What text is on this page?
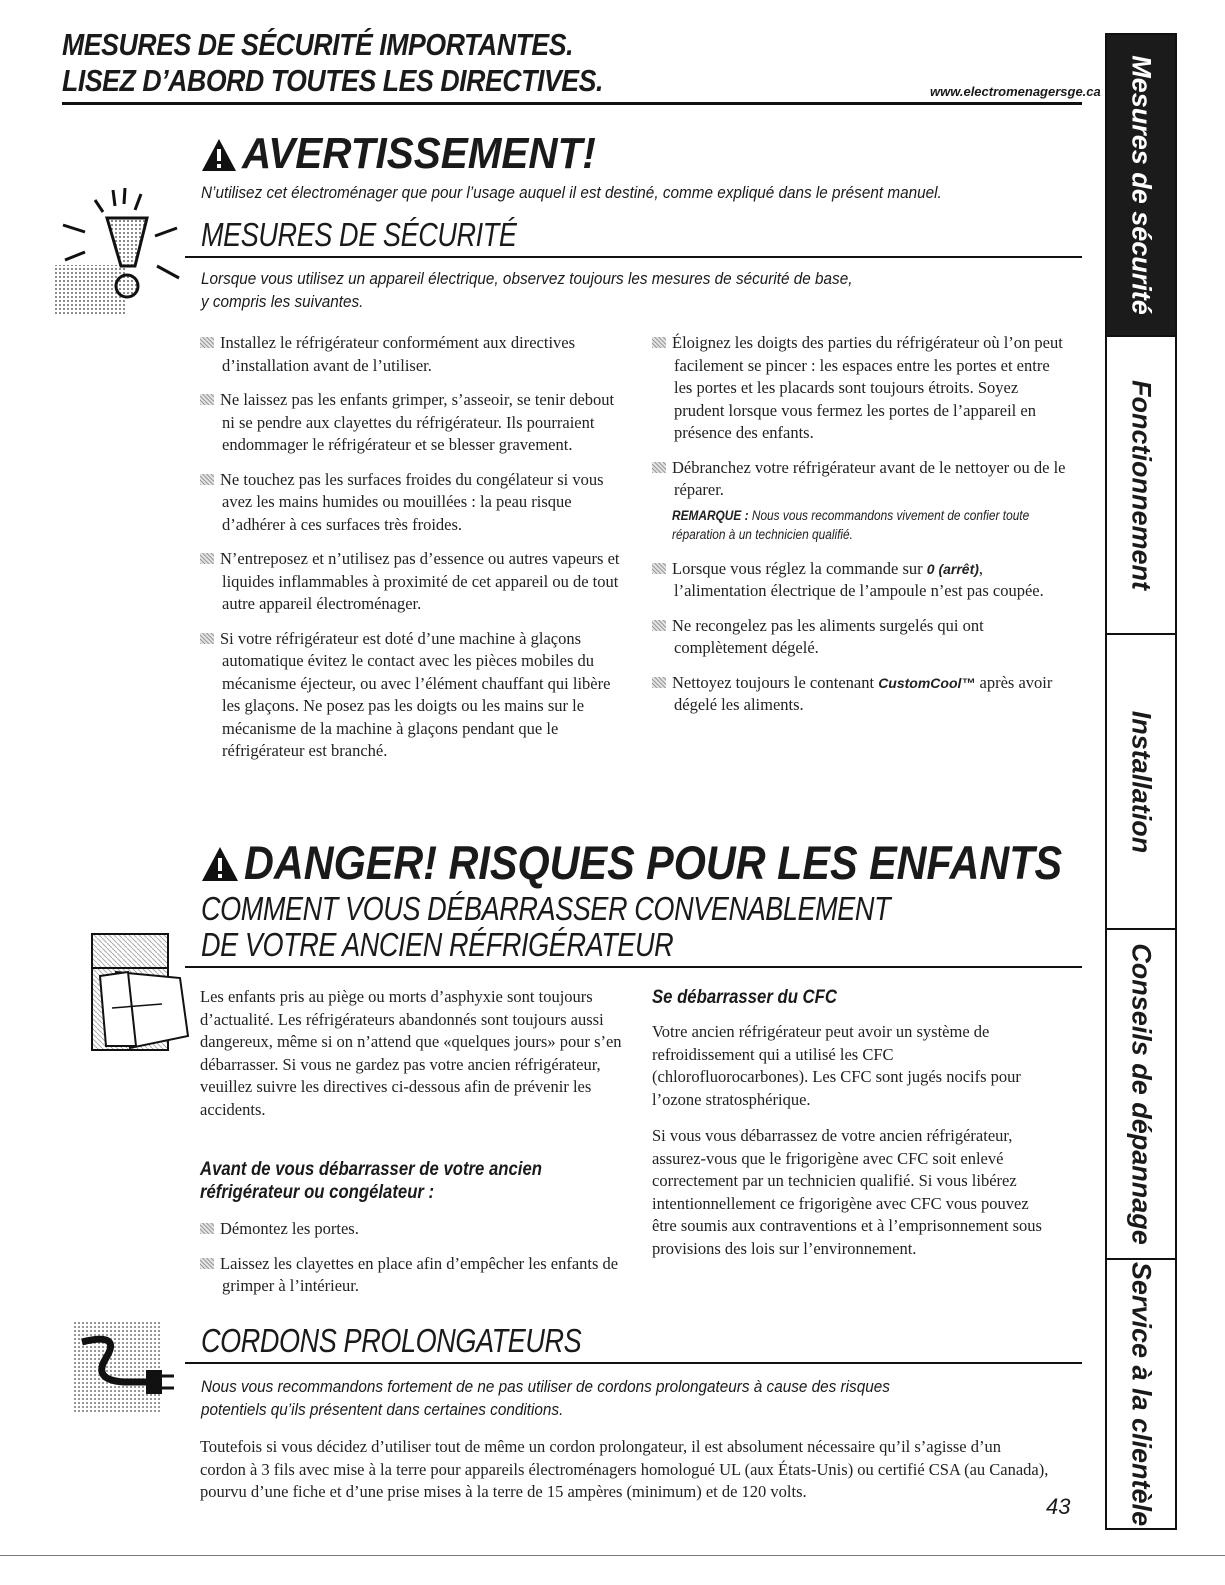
MESURES DE SÉCURITÉ IMPORTANTES.
LISEZ D’ABORD TOUTES LES DIRECTIVES.	www.electromenagersge.ca
AVERTISSEMENT!
N’utilisez cet électroménager que pour l’usage auquel il est destiné, comme expliqué dans le présent manuel.
MESURES DE SÉCURITÉ
Lorsque vous utilisez un appareil électrique, observez toujours les mesures de sécurité de base,
y compris les suivantes.

Installez le réfrigérateur conformément aux directives d’installation avant de l’utiliser.

Ne laissez pas les enfants grimper, s’asseoir, se tenir debout ni se pendre aux clayettes du réfrigérateur. Ils pourraient endommager le réfrigérateur et se blesser gravement.

Ne touchez pas les surfaces froides du congélateur si vous avez les mains humides ou mouillées : la peau risque d’adhérer à ces surfaces très froides.

N’entreposez et n’utilisez pas d’essence ou autres vapeurs et liquides inflammables à proximité de cet appareil ou de tout autre appareil électroménager.

Si votre réfrigérateur est doté d’une machine à glaçons automatique évitez le contact avec les pièces mobiles du mécanisme éjecteur, ou avec l’élément chauffant qui libère les glaçons. Ne posez pas les doigts ou les mains sur le mécanisme de la machine à glaçons pendant que le réfrigérateur est branché.

Éloignez les doigts des parties du réfrigérateur où l’on peut facilement se pincer : les espaces entre les portes et entre les portes et les placards sont toujours étroits. Soyez prudent lorsque vous fermez les portes de l’appareil en présence des enfants.

Débranchez votre réfrigérateur avant de le nettoyer ou de le réparer.

REMARQUE : Nous vous recommandons vivement de confier toute réparation à un technicien qualifié.

Lorsque vous réglez la commande sur 0 (arrêt), l’alimentation électrique de l’ampoule n’est pas coupée.

Ne recongelez pas les aliments surgelés qui ont complètement dégelé.

Nettoyez toujours le contenant CustomCool™ après avoir dégelé les aliments.

DANGER! RISQUES POUR LES ENFANTS
COMMENT VOUS DÉBARRASSER CONVENABLEMENT
DE VOTRE ANCIEN RÉFRIGÉRATEUR
Les enfants pris au piège ou morts d’asphyxie sont toujours d’actualité. Les réfrigérateurs abandonnés sont toujours aussi dangereux, même si on n’attend que «quelques jours» pour s’en débarrasser. Si vous ne gardez pas votre ancien réfrigérateur, veuillez suivre les directives ci-dessous afin de prévenir les accidents.
Avant de vous débarrasser de votre ancien réfrigérateur ou congélateur :

Démontez les portes.

Laissez les clayettes en place afin d’empêcher les enfants de grimper à l’intérieur.

Se débarrasser du CFC
Votre ancien réfrigérateur peut avoir un système de refroidissement qui a utilisé les CFC (chlorofluorocarbones). Les CFC sont jugés nocifs pour l’ozone stratosphérique.
Si vous vous débarrassez de votre ancien réfrigérateur, assurez-vous que le frigorigène avec CFC soit enlevé correctement par un technicien qualifié. Si vous libérez intentionnellement ce frigorigène avec CFC vous pouvez être soumis aux contraventions et à l’emprisonnement sous provisions des lois sur l’environnement.
CORDONS PROLONGATEURS
Nous vous recommandons fortement de ne pas utiliser de cordons prolongateurs à cause des risques
potentiels qu’ils présentent dans certaines conditions.
Toutefois si vous décidez d’utiliser tout de même un cordon prolongateur, il est absolument nécessaire qu’il s’agisse d’un cordon à 3 fils avec mise à la terre pour appareils électroménagers homologué UL (aux États-Unis) ou certifié CSA (au Canada), pourvu d’une fiche et d’une prise mises à la terre de 15 ampères (minimum) et de 120 volts.
43
Mesures de sécurité
Fonctionnement
Installation
Conseils de dépannage
Service à la clientèle
